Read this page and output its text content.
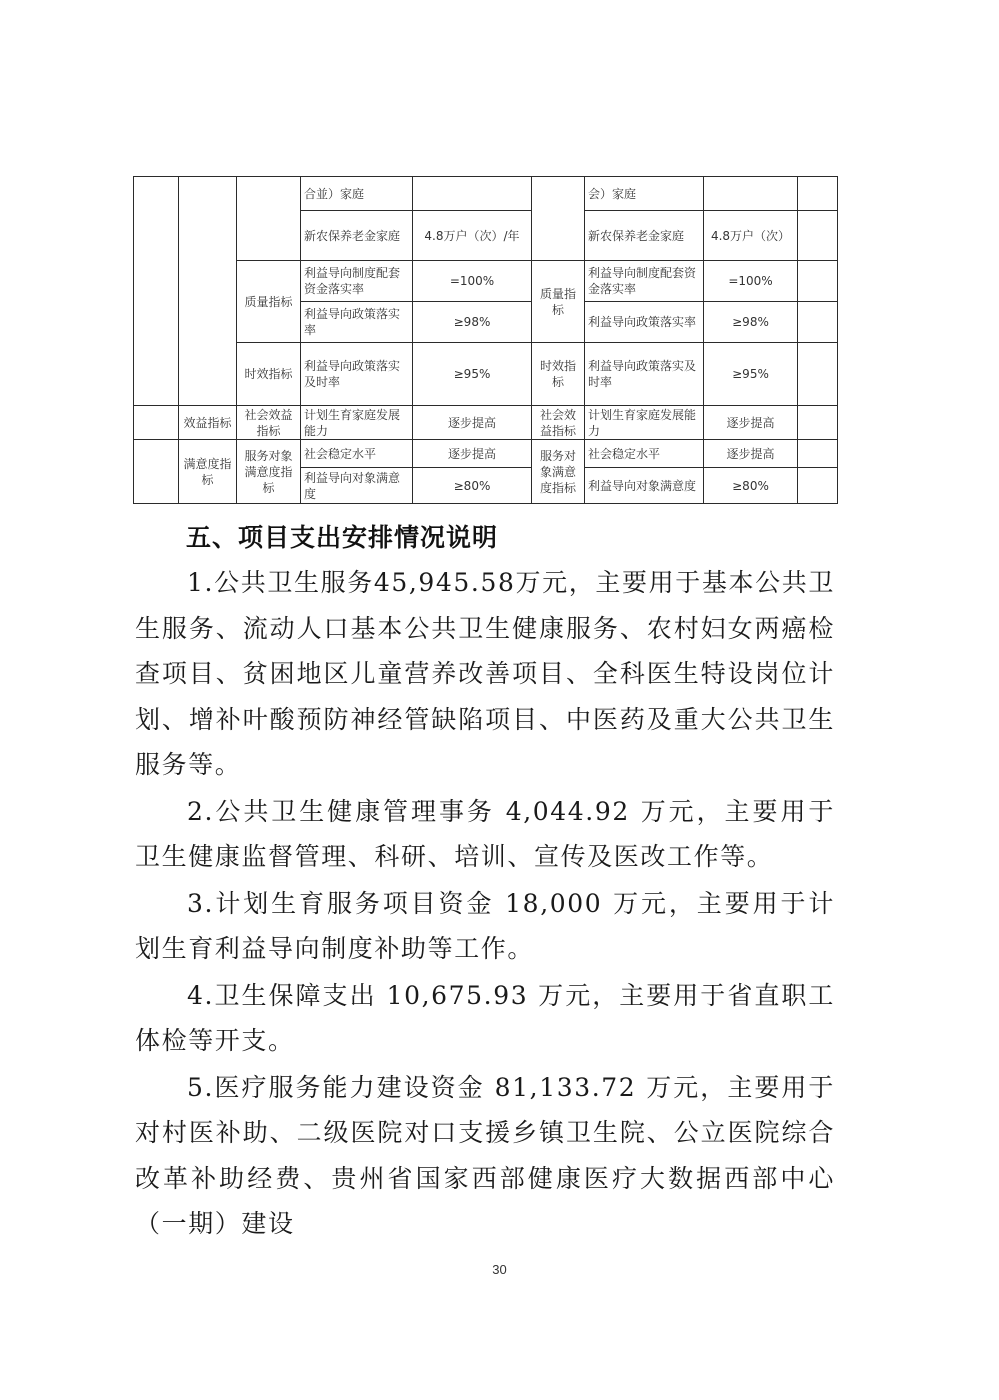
			合並）家庭			会）家庭		
			新农保养老金家庭	4.8万户（次）/年		新农保养老金家庭	4.8万户（次）	
		质量指标	利益导向制度配套资金落实率	=100%	质量指标	利益导向制度配套资金落实率	=100%	
			利益导向政策落实率	≥98%		利益导向政策落实率	≥98%	
		时效指标	利益导向政策落实及时率	≥95%	时效指标	利益导向政策落实及时率	≥95%	
	效益指标	社会效益指标	计划生育家庭发展能力	逐步提高	社会效益指标	计划生育家庭发展能力	逐步提高	
	满意度指标	服务对象满意度指标	社会稳定水平	逐步提高	服务对象满意度指标	社会稳定水平	逐步提高	
			利益导向对象满意度	≥80%		利益导向对象满意度	≥80%	
五、项目支出安排情况说明

1.公共卫生服务45,945.58万元，主要用于基本公共卫生服务、流动人口基本公共卫生健康服务、农村妇女两癌检查项目、贫困地区儿童营养改善项目、全科医生特设岗位计划、增补叶酸预防神经管缺陷项目、中医药及重大公共卫生服务等。

2.公共卫生健康管理事务 4,044.92 万元，主要用于卫生健康监督管理、科研、培训、宣传及医改工作等。

3.计划生育服务项目资金 18,000 万元，主要用于计划生育利益导向制度补助等工作。

4.卫生保障支出 10,675.93 万元，主要用于省直职工体检等开支。

5.医疗服务能力建设资金 81,133.72 万元，主要用于对村医补助、二级医院对口支援乡镇卫生院、公立医院综合改革补助经费、贵州省国家西部健康医疗大数据西部中心（一期）建设

30
